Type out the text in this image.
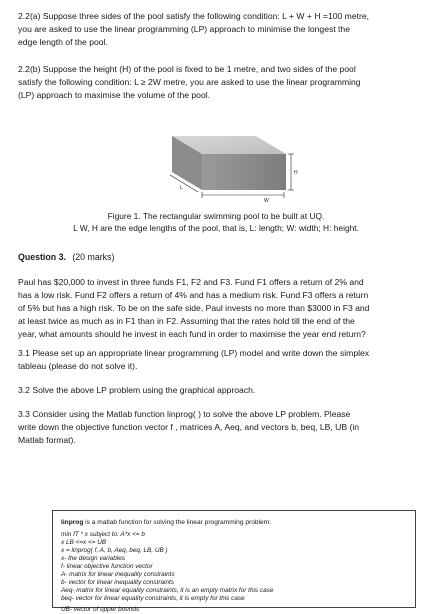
2.2(a) Suppose three sides of the pool satisfy the following condition: L + W + H =100 metre,
you are asked to use the linear programming (LP) approach to minimise the longest the
edge length of the pool.
2.2(b) Suppose the height (H) of the pool is fixed to be 1 metre, and two sides of the pool
satisfy the following condition: L ≥ 2W metre, you are asked to use the linear programming
(LP) approach to maximise the volume of the pool.
L
W
H
Figure 1. The rectangular swimming pool to be built at UQ.
L W, H are the edge lengths of the pool, that is, L: length; W: width; H: height.
Question 3. (20 marks)
Paul has $20,000 to invest in three funds F1, F2 and F3. Fund F1 offers a return of 2% and
has a low risk. Fund F2 offers a return of 4% and has a medium risk. Fund F3 offers a return
of 5% but has a high risk. To be on the safe side, Paul invests no more than $3000 in F3 and
at least twice as much as in F1 than in F2. Assuming that the rates hold till the end of the
year, what amounts should he invest in each fund in order to maximise the year end return?
3.1 Please set up an appropriate linear programming (LP) model and write down the simplex
tableau (please do not solve it).
3.2 Solve the above LP problem using the graphical approach.
3.3 Consider using the Matlab function linprog( ) to solve the above LP problem. Please
write down the objective function vector f , matrices A, Aeq, and vectors b, beq, LB, UB (in
Matlab format).
linprog is a matlab function for solving the linear programming problem:
min fT * x subject to: A*x <= b
x LB <=x <= UB
x = linprog( f, A, b, Aeq, beq, LB, UB )
x- the design variables
f- linear objective function vector
A- matrix for linear inequality constraints
b- vector for linear inequality constraints
Aeq- matrix for linear equality constraints, it is an empty matrix for this case
beq- vector for linear equality constraints, it is empty for this case
UB- vector of upper bounds
